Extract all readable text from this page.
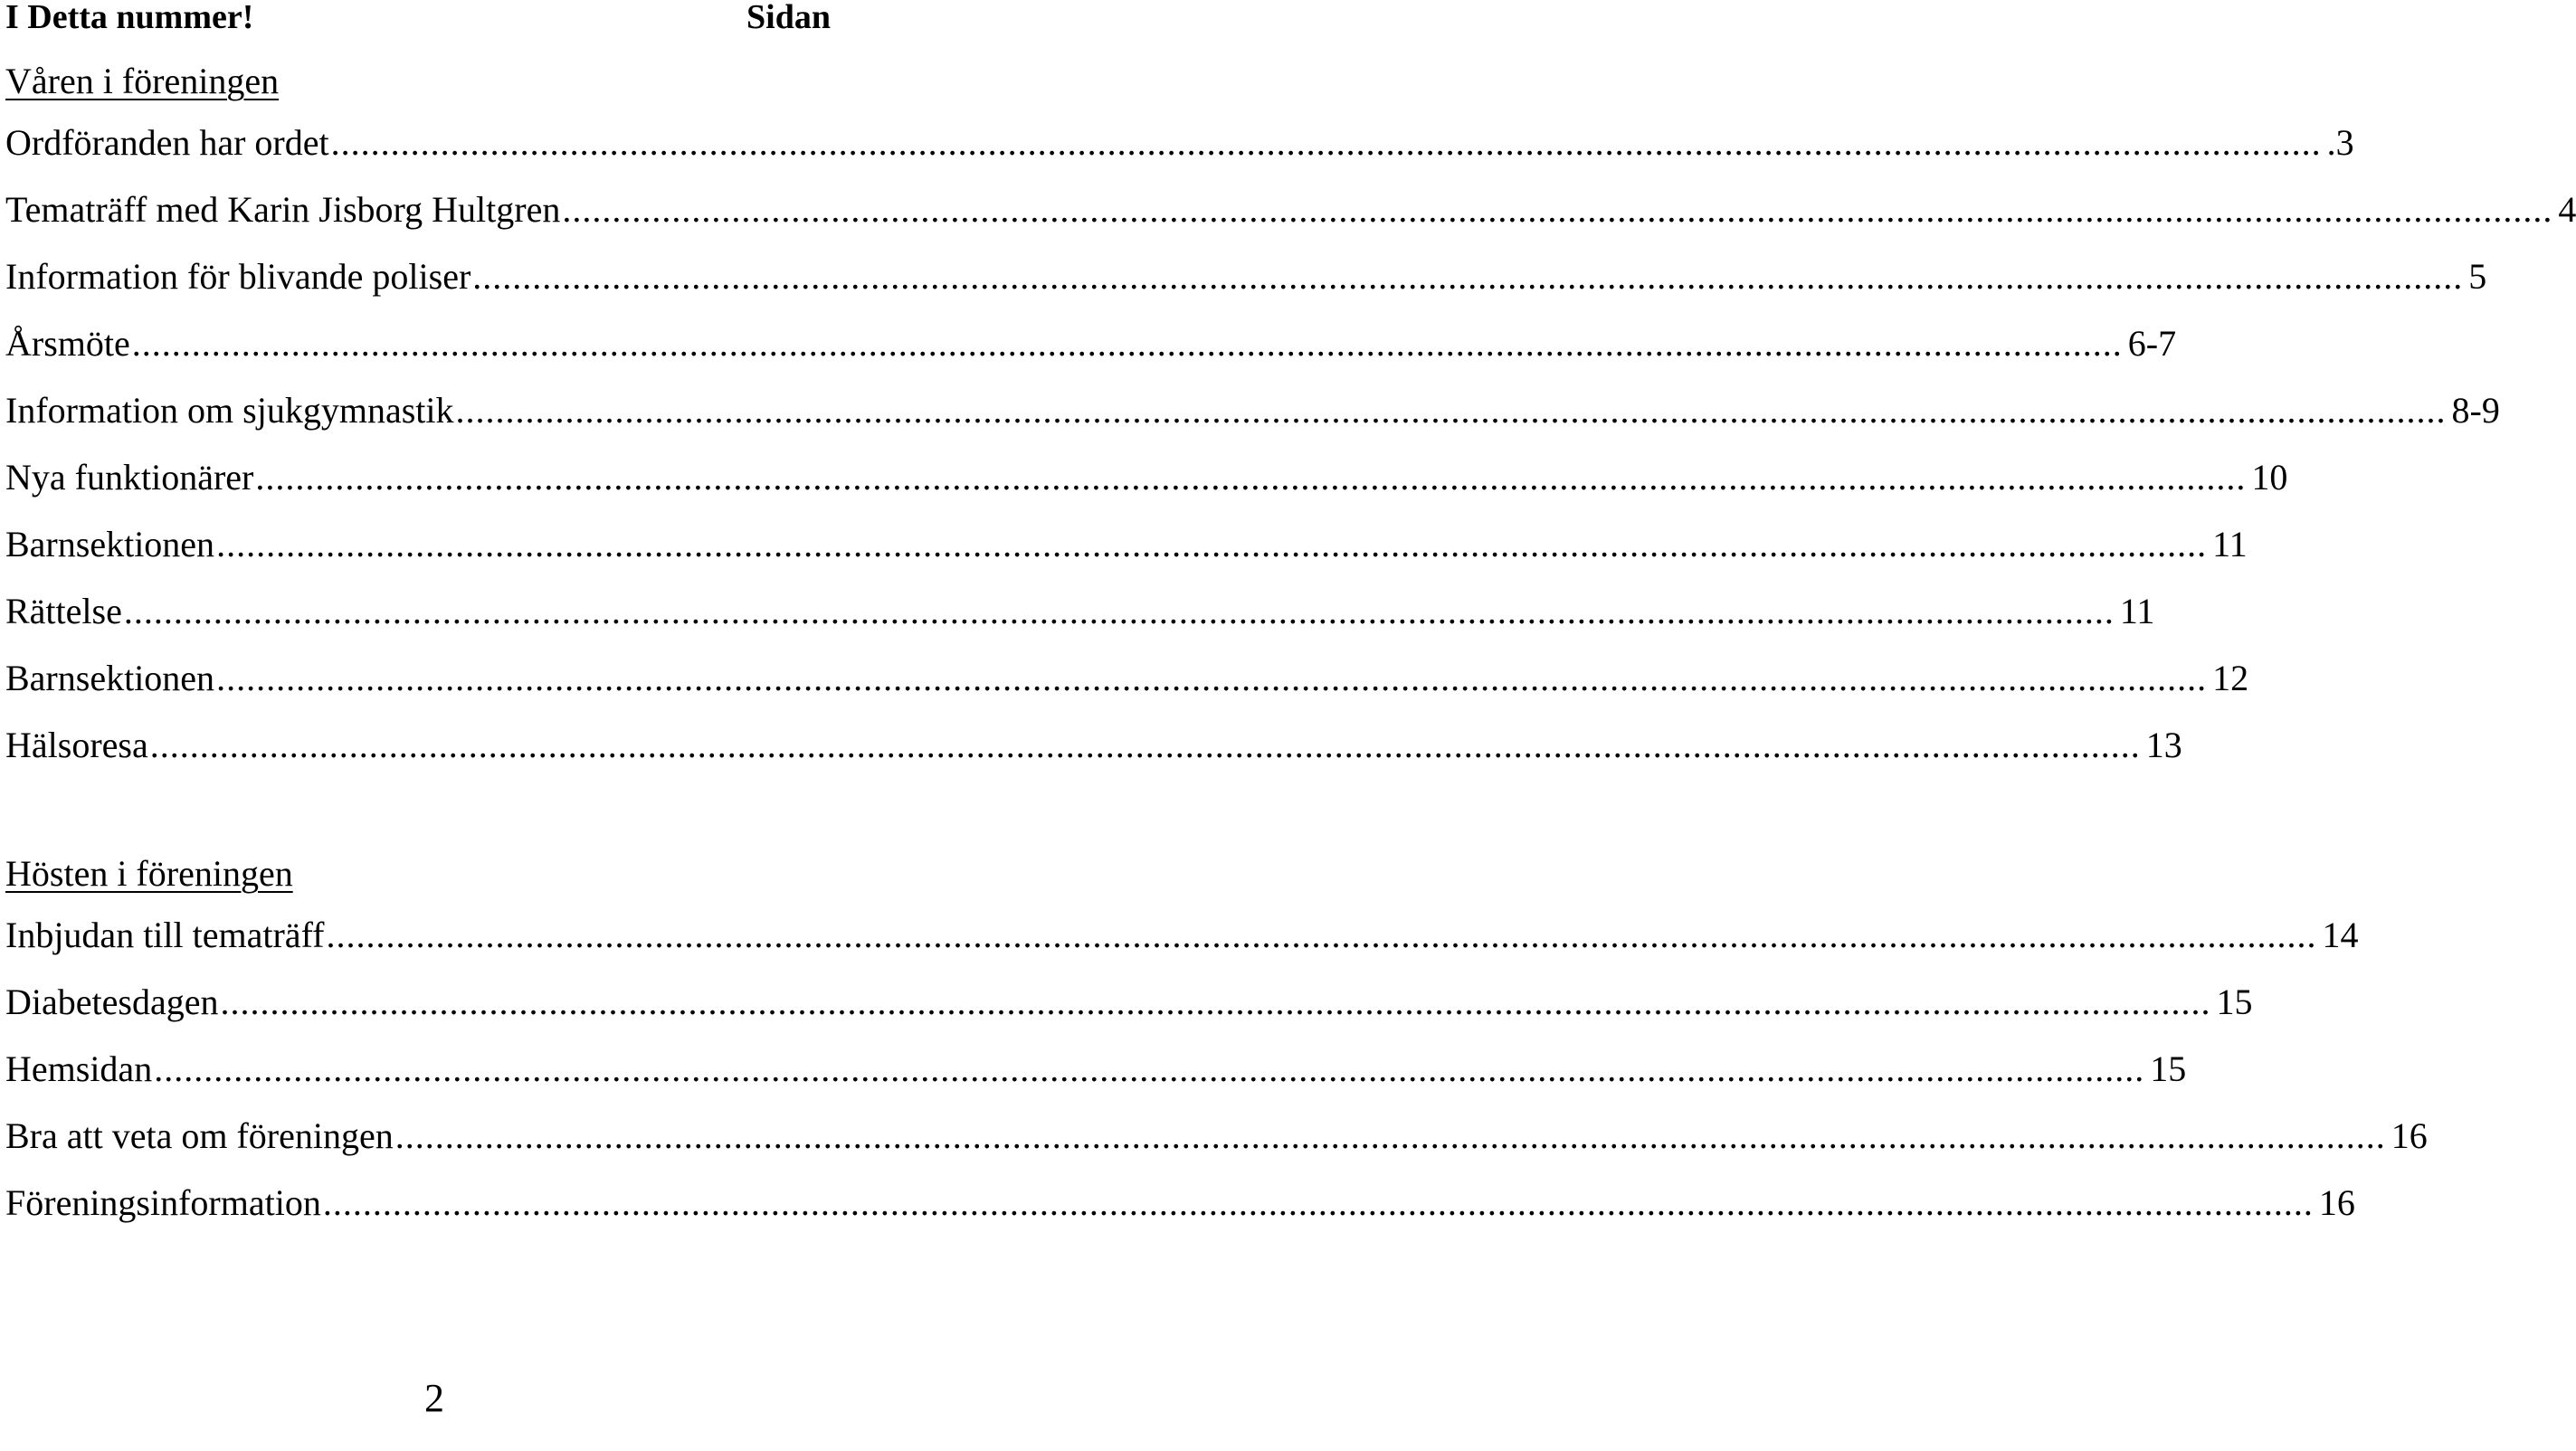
I Detta nummer!	Sidan
Våren i föreningen
Ordföranden har ordet ........................................................................................................................................................................................................ .3
Tematräff med Karin Jisborg Hultgren ........................................................................................................................................................................................................ 4
Information för blivande poliser ........................................................................................................................................................................................................ 5
Årsmöte ........................................................................................................................................................................................................ 6-7
Information om sjukgymnastik ........................................................................................................................................................................................................ 8-9
Nya funktionärer ........................................................................................................................................................................................................ 10
Barnsektionen ........................................................................................................................................................................................................ 11
Rättelse ........................................................................................................................................................................................................ 11
Barnsektionen ........................................................................................................................................................................................................ 12
Hälsoresa ........................................................................................................................................................................................................ 13
Hösten i föreningen
Inbjudan till tematräff ........................................................................................................................................................................................................ 14
Diabetesdagen ........................................................................................................................................................................................................ 15
Hemsidan ........................................................................................................................................................................................................ 15
Bra att veta om föreningen ........................................................................................................................................................................................................ 16
Föreningsinformation ........................................................................................................................................................................................................ 16
2
